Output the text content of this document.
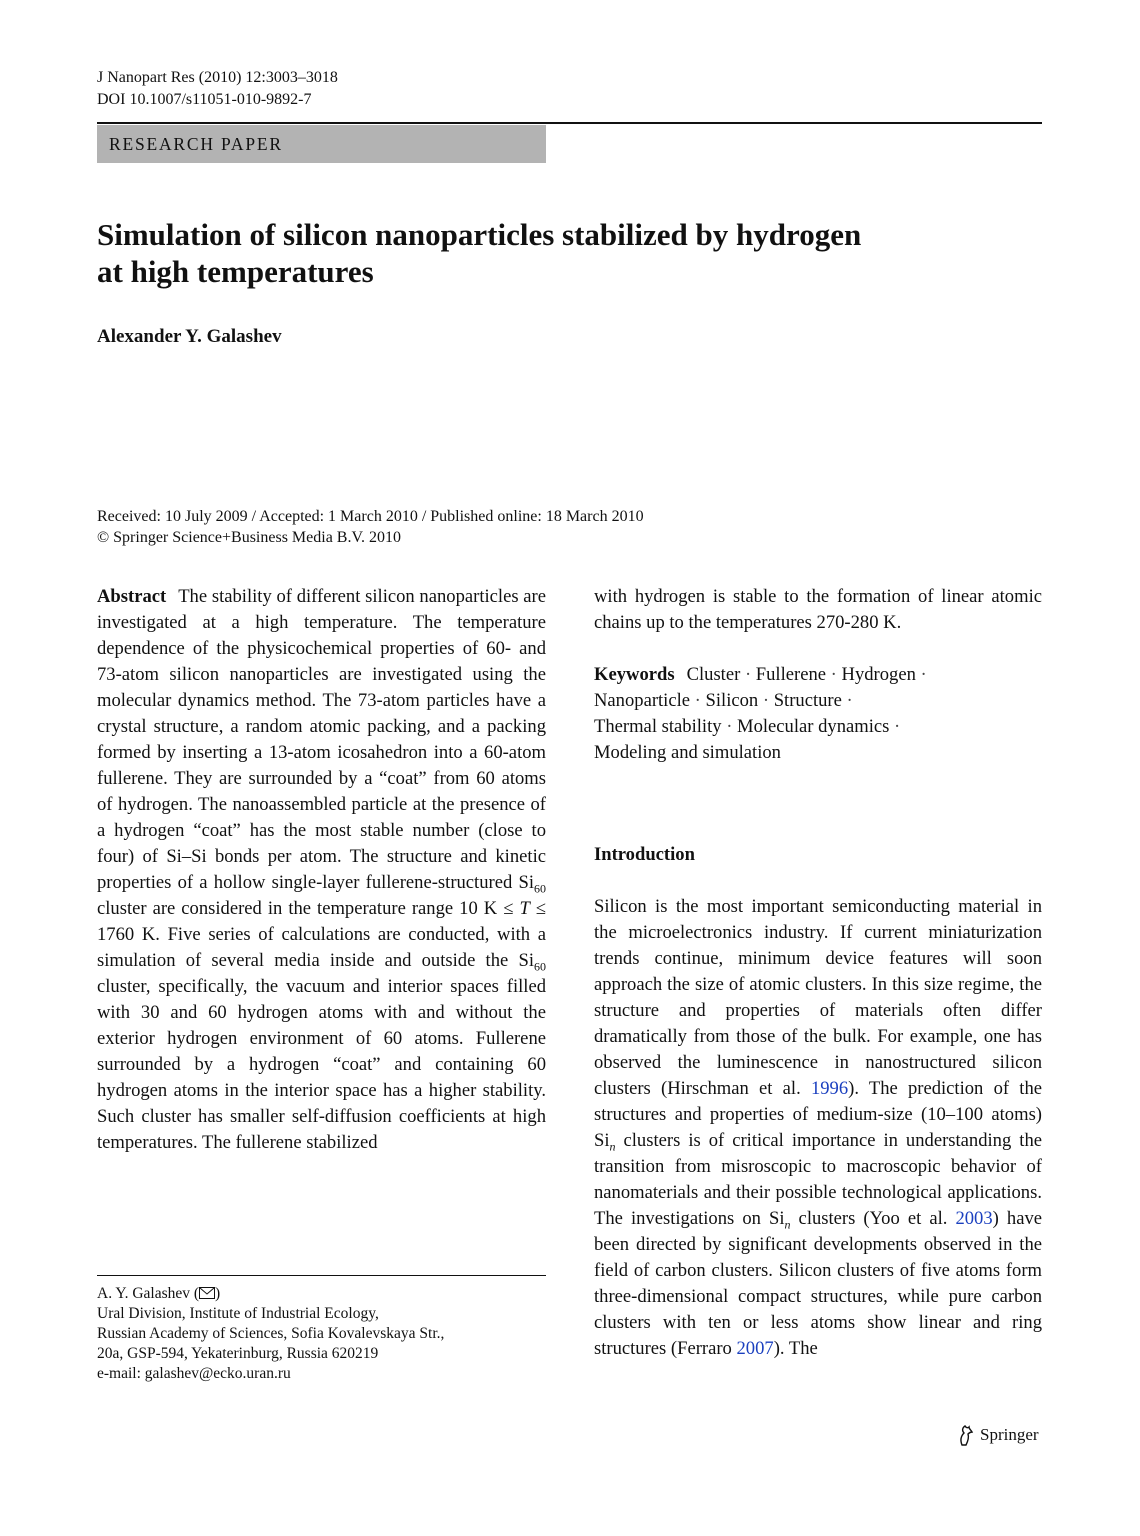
J Nanopart Res (2010) 12:3003–3018
DOI 10.1007/s11051-010-9892-7
RESEARCH PAPER
Simulation of silicon nanoparticles stabilized by hydrogen
at high temperatures
Alexander Y. Galashev
Received: 10 July 2009 / Accepted: 1 March 2010 / Published online: 18 March 2010
© Springer Science+Business Media B.V. 2010

Abstract The stability of different silicon nanoparticles are investigated at a high temperature. The temperature dependence of the physicochemical properties of 60- and 73-atom silicon nanoparticles are investigated using the molecular dynamics method. The 73-atom particles have a crystal structure, a random atomic packing, and a packing formed by inserting a 13-atom icosahedron into a 60-atom fullerene. They are surrounded by a “coat” from 60 atoms of hydrogen. The nanoassembled particle at the presence of a hydrogen “coat” has the most stable number (close to four) of Si–Si bonds per atom. The structure and kinetic properties of a hollow single-layer fullerene-structured $Si_{60}$ cluster are considered in the temperature range 10 K ≤ T ≤ 1760 K. Five series of calculations are conducted, with a simulation of several media inside and outside the $Si_{60}$ cluster, specifically, the vacuum and interior spaces filled with 30 and 60 hydrogen atoms with and without the exterior hydrogen environment of 60 atoms. Fullerene surrounded by a hydrogen “coat” and containing 60 hydrogen atoms in the interior space has a higher stability. Such cluster has smaller self-diffusion coefficients at high temperatures. The fullerene stabilized

with hydrogen is stable to the formation of linear atomic chains up to the temperatures 270-280 K.

Keywords Cluster · Fullerene · Hydrogen ·
Nanoparticle · Silicon · Structure ·
Thermal stability · Molecular dynamics ·
Modeling and simulation

Introduction

Silicon is the most important semiconducting material in the microelectronics industry. If current miniaturization trends continue, minimum device features will soon approach the size of atomic clusters. In this size regime, the structure and properties of materials often differ dramatically from those of the bulk. For example, one has observed the luminescence in nanostructured silicon clusters (Hirschman et al. 1996). The prediction of the structures and properties of medium-size (10–100 atoms) $Si_n$ clusters is of critical importance in understanding the transition from misroscopic to macroscopic behavior of nanomaterials and their possible technological applications. The investigations on $Si_n$ clusters (Yoo et al. 2003) have been directed by significant developments observed in the field of carbon clusters. Silicon clusters of five atoms form three-dimensional compact structures, while pure carbon clusters with ten or less atoms show linear and ring structures (Ferraro 2007). The

A. Y. Galashev ( )
Ural Division, Institute of Industrial Ecology,
Russian Academy of Sciences, Sofia Kovalevskaya Str.,
20a, GSP-594, Yekaterinburg, Russia 620219
e-mail: galashev@ecko.uran.ru
Springer
